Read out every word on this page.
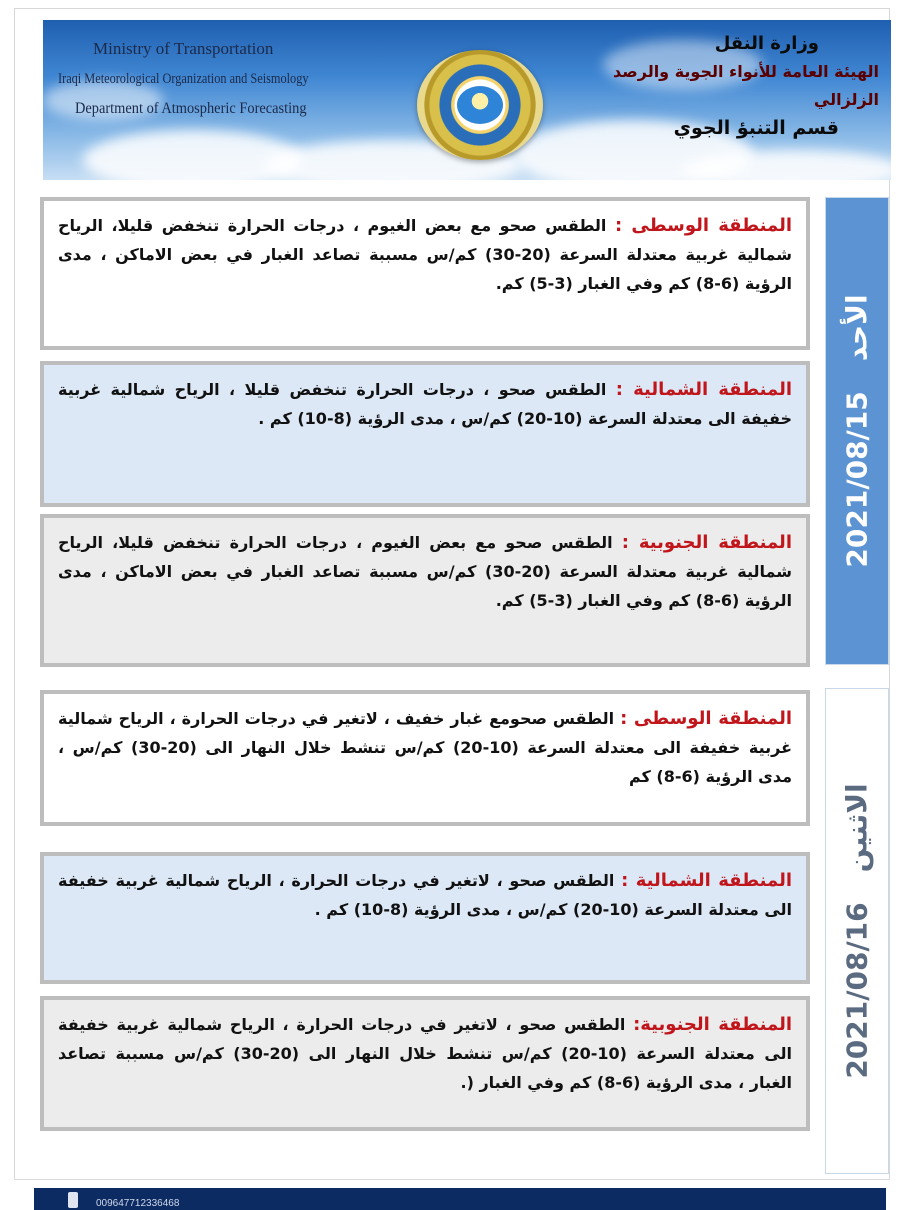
Ministry of Transportation
Iraqi Meteorological Organization and Seismology
Department of Atmospheric Forecasting
وزارة النقل
الهيئة العامة للأنواء الجوية والرصد الزلزالي
قسم التنبؤ الجوي
2021/08/15
الأحد
المنطقة الوسطى : الطقس صحو مع بعض الغيوم ، درجات الحرارة تنخفض قليلا، الرياح شمالية غربية معتدلة السرعة (20-30) كم/س مسببة تصاعد الغبار في بعض الاماكن ، مدى الرؤية (6-8) كم وفي الغبار (3-5) كم.
المنطقة الشمالية : الطقس صحو ، درجات الحرارة تنخفض قليلا ، الرياح شمالية غربية خفيفة الى معتدلة السرعة (10-20) كم/س ، مدى الرؤية (8-10) كم .
المنطقة الجنوبية : الطقس صحو مع بعض الغيوم ، درجات الحرارة تنخفض قليلا، الرياح شمالية غربية معتدلة السرعة (20-30) كم/س مسببة تصاعد الغبار في بعض الاماكن ، مدى الرؤية (6-8) كم وفي الغبار (3-5) كم.
2021/08/16
الاثنين
المنطقة الوسطى : الطقس صحومع غبار خفيف ، لاتغير في درجات الحرارة ، الرياح شمالية غربية خفيفة الى معتدلة السرعة (10-20) كم/س تنشط خلال النهار الى (20-30) كم/س ، مدى الرؤية (6-8) كم
المنطقة الشمالية : الطقس صحو ، لاتغير في درجات الحرارة ، الرياح شمالية غربية خفيفة الى معتدلة السرعة (10-20) كم/س ، مدى الرؤية (8-10) كم .
المنطقة الجنوبية: الطقس صحو ، لاتغير في درجات الحرارة ، الرياح شمالية غربية خفيفة الى معتدلة السرعة (10-20) كم/س تنشط خلال النهار الى (20-30) كم/س مسببة تصاعد الغبار ، مدى الرؤية (6-8) كم وفي الغبار (.
009647712336468
